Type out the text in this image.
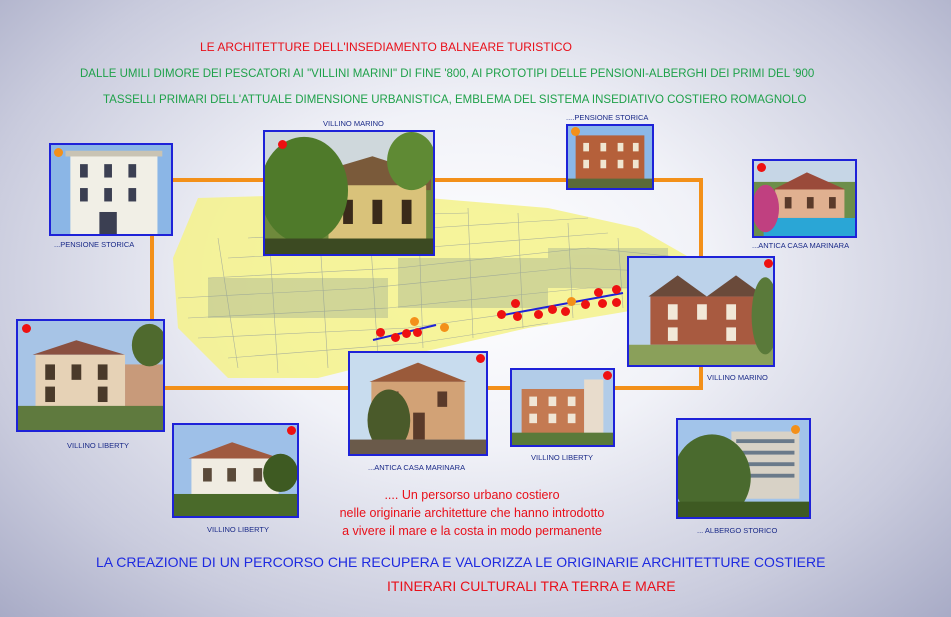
LE ARCHITETTURE DELL'INSEDIAMENTO BALNEARE TURISTICO
DALLE UMILI DIMORE DEI PESCATORI AI "VILLINI MARINI" DI FINE '800, AI PROTOTIPI DELLE PENSIONI-ALBERGHI DEI PRIMI DEL '900
TASSELLI PRIMARI DELL'ATTUALE DIMENSIONE URBANISTICA, EMBLEMA DEL SISTEMA INSEDIATIVO COSTIERO ROMAGNOLO
...PENSIONE STORICA
VILLINO MARINO
....PENSIONE STORICA
...ANTICA CASA MARINARA
VILLINO MARINO
VILLINO LIBERTY
...ANTICA CASA MARINARA
VILLINO LIBERTY
VILLINO LIBERTY	... ALBERGO STORICO
.... Un persorso urbano costiero
nelle originarie architetture che hanno introdotto
a vivere il mare e la costa in modo permanente
LA CREAZIONE DI UN PERCORSO CHE RECUPERA E VALORIZZA LE ORIGINARIE ARCHITETTURE COSTIERE
ITINERARI CULTURALI TRA TERRA E MARE
